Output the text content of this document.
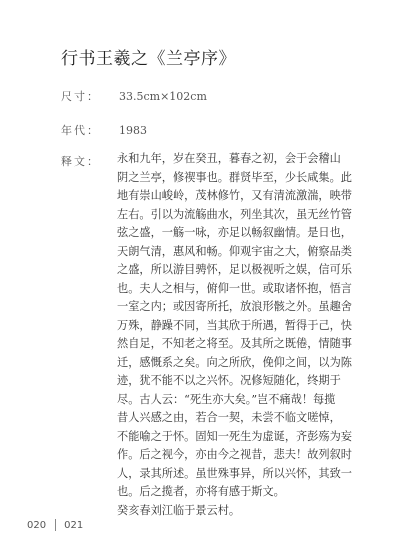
行书王羲之《兰亭序》
尺寸： 33.5cm×102cm
年代： 1983
释文： 永和九年，岁在癸丑，暮春之初，会于会稽山
阴之兰亭，修禊事也。群贤毕至，少长咸集。此
地有崇山峻岭，茂林修竹，又有清流激湍，映带
左右。引以为流觞曲水，列坐其次，虽无丝竹管
弦之盛，一觞一咏，亦足以畅叙幽情。是日也，
天朗气清，惠风和畅。仰观宇宙之大，俯察品类
之盛，所以游目骋怀，足以极视听之娱，信可乐
也。夫人之相与，俯仰一世。或取诸怀抱，悟言
一室之内；或因寄所托，放浪形骸之外。虽趣舍
万殊，静躁不同，当其欣于所遇，暂得于己，快
然自足，不知老之将至。及其所之既倦，情随事
迁，感慨系之矣。向之所欣，俛仰之间，以为陈
迹，犹不能不以之兴怀。况修短随化，终期于
尽。古人云：“死生亦大矣。”岂不痛哉！每揽
昔人兴感之由，若合一契，未尝不临文嗟悼，
不能喻之于怀。固知一死生为虚诞，齐彭殇为妄
作。后之视今，亦由今之视昔，悲夫！故列叙时
人，录其所述。虽世殊事异，所以兴怀，其致一
也。后之揽者，亦将有感于斯文。
癸亥春刘江临于景云村。
020 021
